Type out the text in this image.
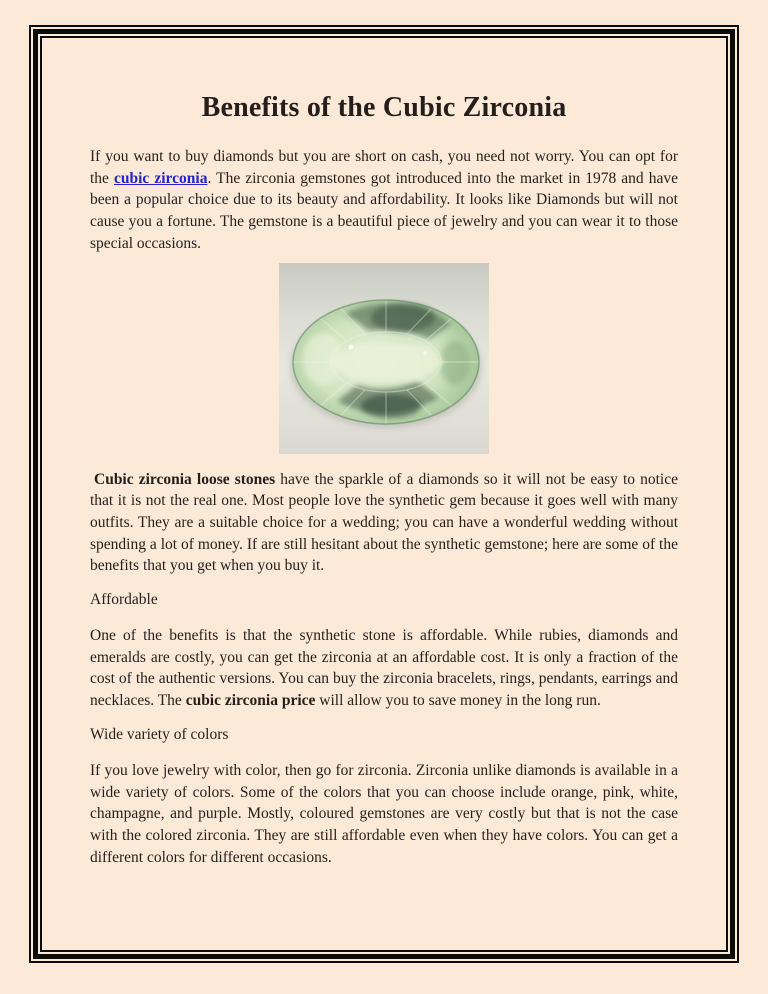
Benefits of the Cubic Zirconia

If you want to buy diamonds but you are short on cash, you need not worry. You can opt for the cubic zirconia. The zirconia gemstones got introduced into the market in 1978 and have been a popular choice due to its beauty and affordability. It looks like Diamonds but will not cause you a fortune. The gemstone is a beautiful piece of jewelry and you can wear it to those special occasions.

Cubic zirconia loose stones have the sparkle of a diamonds so it will not be easy to notice that it is not the real one. Most people love the synthetic gem because it goes well with many outfits. They are a suitable choice for a wedding; you can have a wonderful wedding without spending a lot of money. If are still hesitant about the synthetic gemstone; here are some of the benefits that you get when you buy it.

Affordable

One of the benefits is that the synthetic stone is affordable. While rubies, diamonds and emeralds are costly, you can get the zirconia at an affordable cost. It is only a fraction of the cost of the authentic versions. You can buy the zirconia bracelets, rings, pendants, earrings and necklaces. The cubic zirconia price will allow you to save money in the long run.

Wide variety of colors

If you love jewelry with color, then go for zirconia. Zirconia unlike diamonds is available in a wide variety of colors. Some of the colors that you can choose include orange, pink, white, champagne, and purple. Mostly, coloured gemstones are very costly but that is not the case with the colored zirconia. They are still affordable even when they have colors. You can get a different colors for different occasions.
